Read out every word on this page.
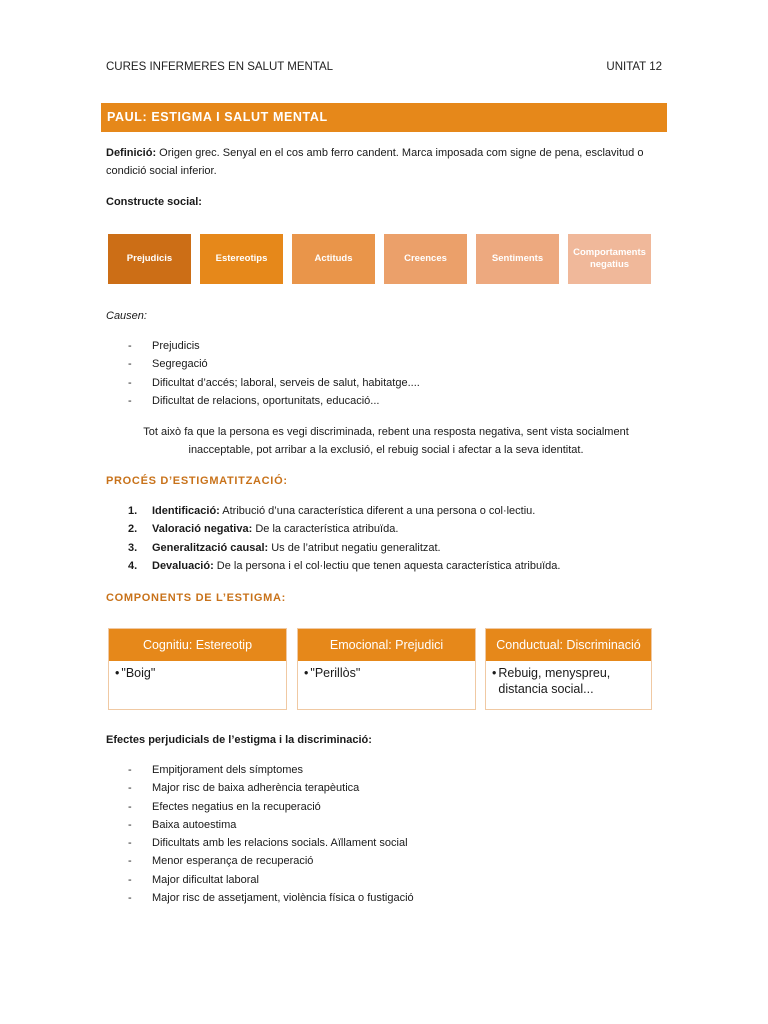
CURES INFERMERES EN SALUT MENTAL	UNITAT 12
PAUL: ESTIGMA I SALUT MENTAL
Definició: Origen grec. Senyal en el cos amb ferro candent. Marca imposada com signe de pena, esclavitud o condició social inferior.
Constructe social:
Prejudicis	Estereotips	Actituds	Creences	Sentiments
Comportaments negatius
Causen:
- Prejudicis
- Segregació
- Dificultat d’accés; laboral, serveis de salut, habitatge....
- Dificultat de relacions, oportunitats, educació...
Tot això fa que la persona es vegi discriminada, rebent una resposta negativa, sent vista socialment inacceptable, pot arribar a la exclusió, el rebuig social i afectar a la seva identitat.
PROCÉS D’ESTIGMATITZACIÓ:
1. Identificació: Atribució d’una característica diferent a una persona o col·lectiu.
2. Valoració negativa: De la característica atribuïda.
3. Generalització causal: Us de l’atribut negatiu generalitzat.
4. Devaluació: De la persona i el col·lectiu que tenen aquesta característica atribuïda.
COMPONENTS DE L’ESTIGMA:
Cognitiu: Estereotip
• "Boig"
Emocional: Prejudici
• "Perillòs"
Conductual: Discriminació
• Rebuig, menyspreu, distancia social...
Efectes perjudicials de l’estigma i la discriminació:
- Empitjorament dels símptomes
- Major risc de baixa adherència terapèutica
- Efectes negatius en la recuperació
- Baixa autoestima
- Dificultats amb les relacions socials. Aïllament social
- Menor esperança de recuperació
- Major dificultat laboral
- Major risc de assetjament, violència física o fustigació
